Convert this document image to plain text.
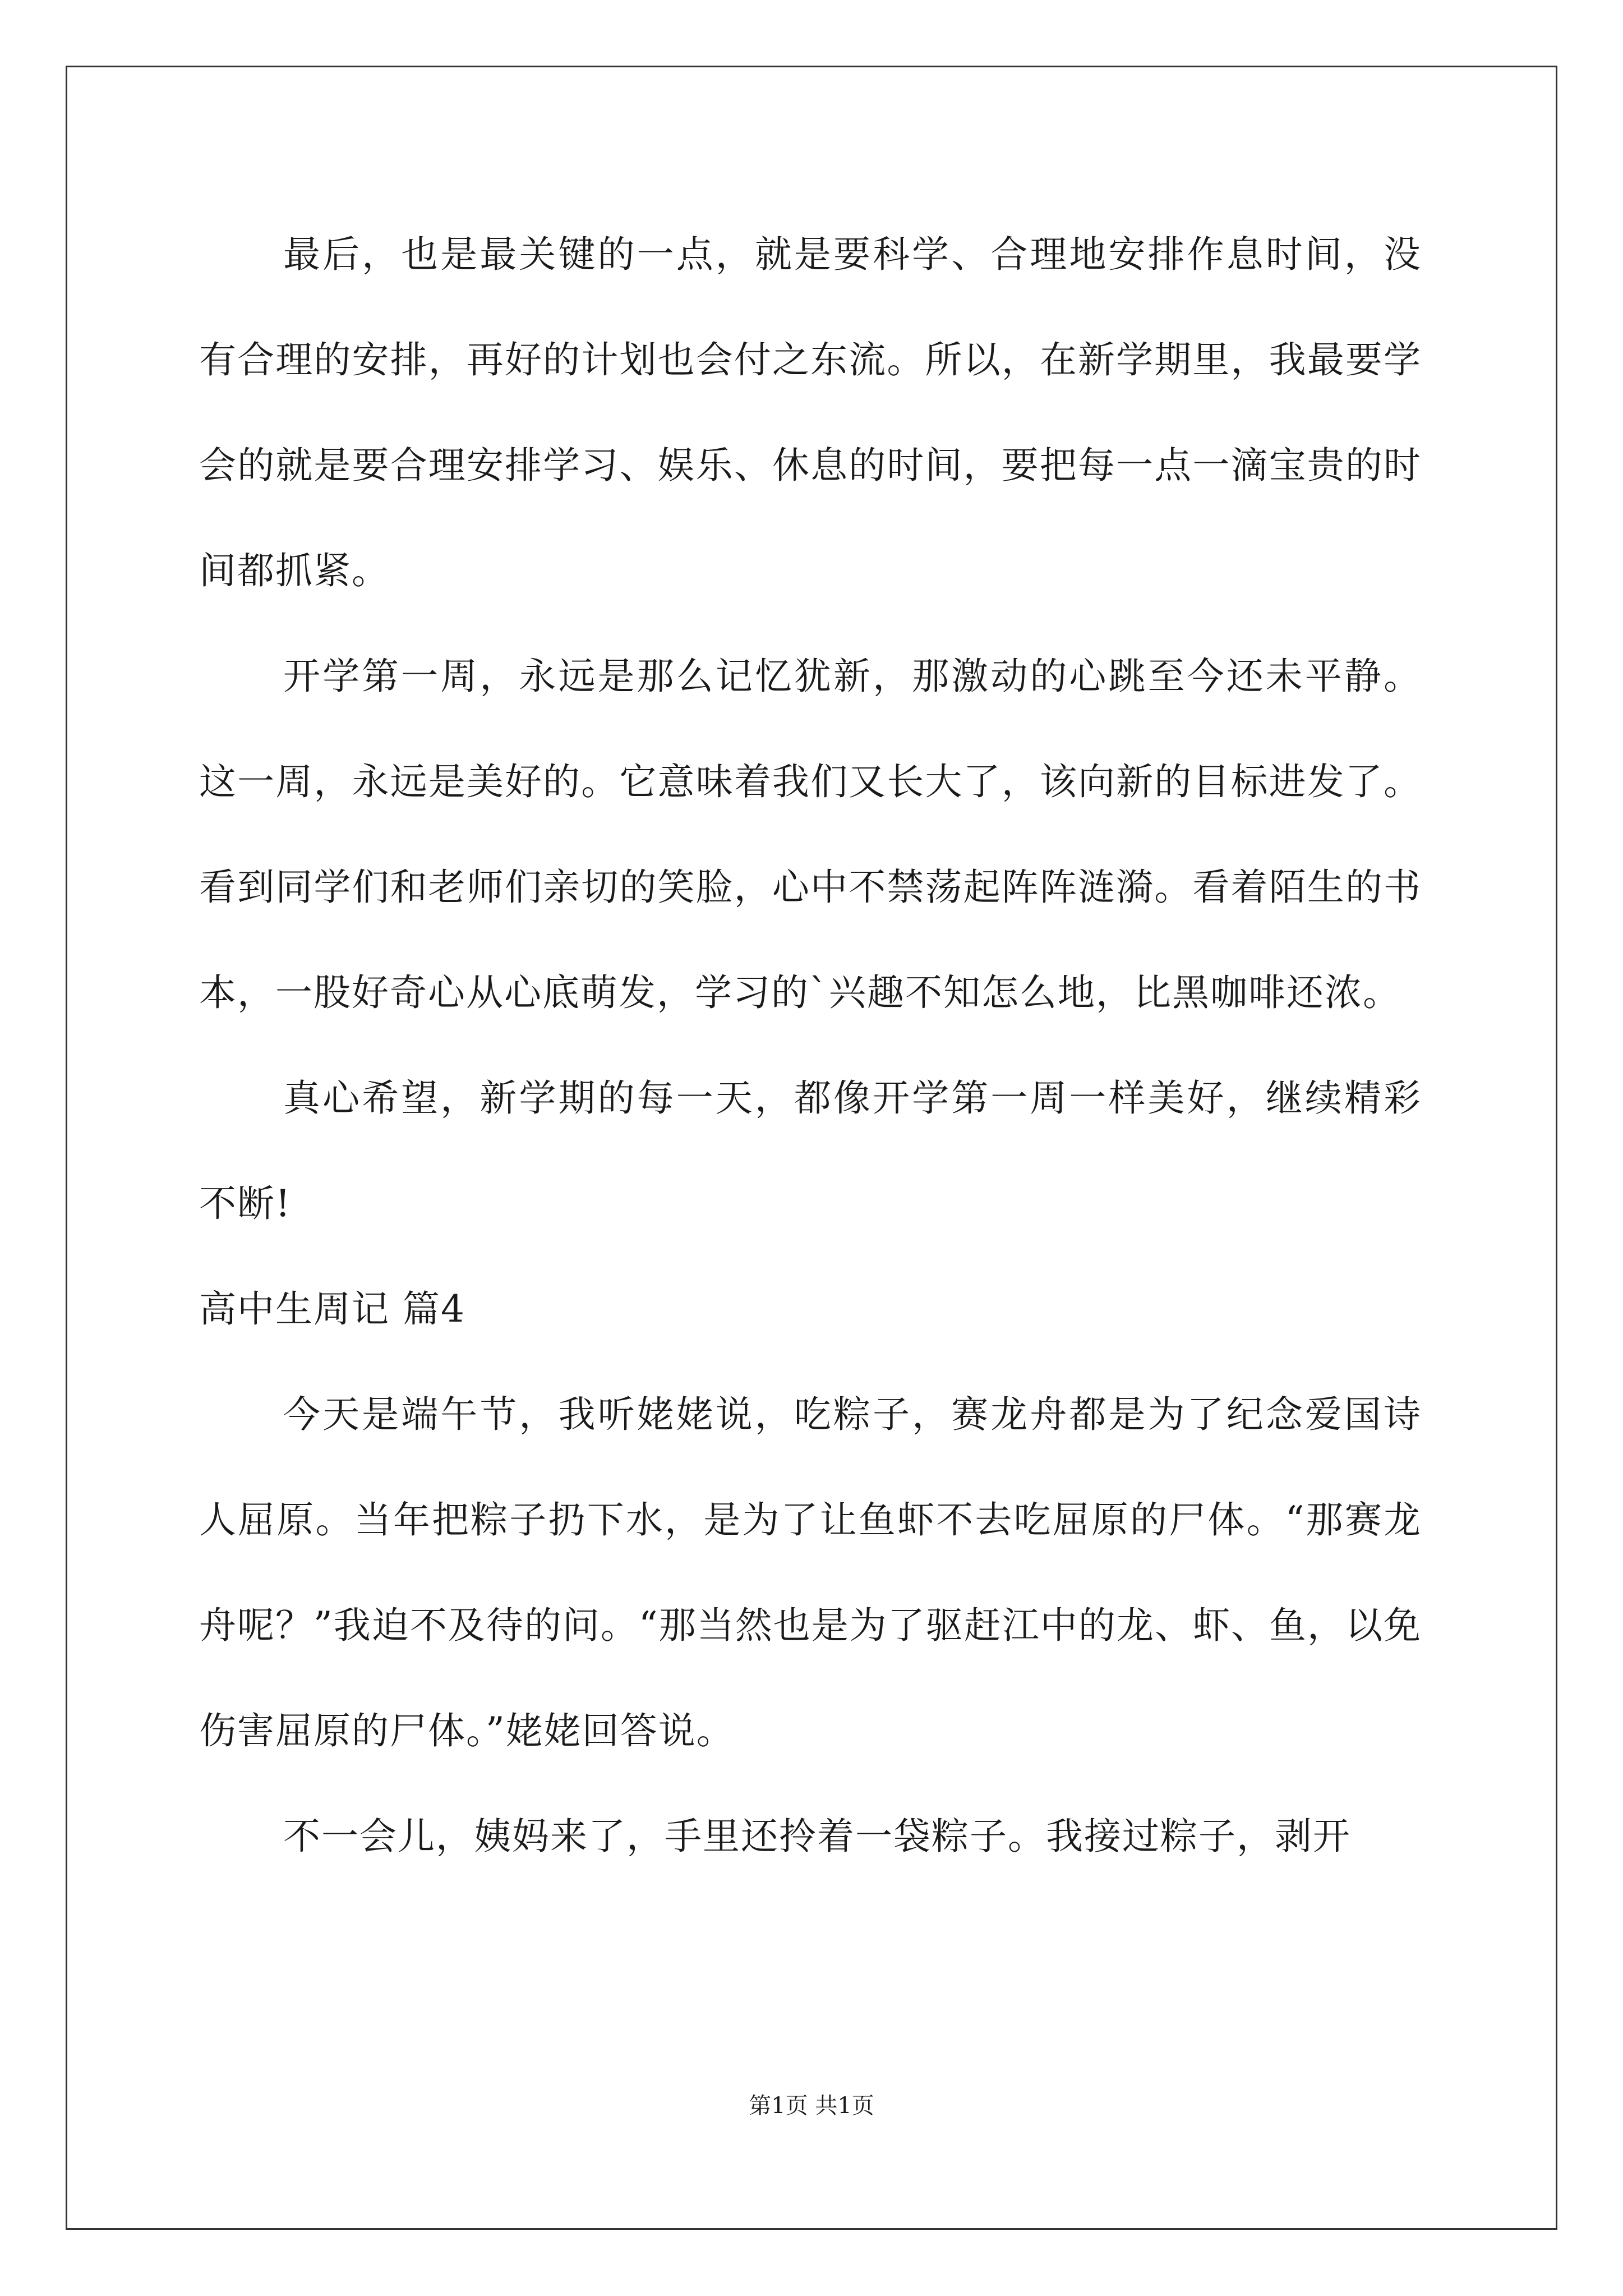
最后，也是最关键的一点，就是要科学、合理地安排作息时间，没有合理的安排，再好的计划也会付之东流。所以，在新学期里，我最要学会的就是要合理安排学习、娱乐、休息的时间，要把每一点一滴宝贵的时间都抓紧。

开学第一周，永远是那么记忆犹新，那激动的心跳至今还未平静。这一周，永远是美好的。它意味着我们又长大了，该向新的目标进发了。看到同学们和老师们亲切的笑脸，心中不禁荡起阵阵涟漪。看着陌生的书本，一股好奇心从心底萌发，学习的`兴趣不知怎么地，比黑咖啡还浓。

真心希望，新学期的每一天，都像开学第一周一样美好，继续精彩不断!

高中生周记 篇4

今天是端午节，我听姥姥说，吃粽子，赛龙舟都是为了纪念爱国诗人屈原。当年把粽子扔下水，是为了让鱼虾不去吃屈原的尸体。“那赛龙舟呢？”我迫不及待的问。“那当然也是为了驱赶江中的龙、虾、鱼，以免伤害屈原的尸体。”姥姥回答说。

不一会儿，姨妈来了，手里还拎着一袋粽子。我接过粽子，剥开

第1页 共1页
